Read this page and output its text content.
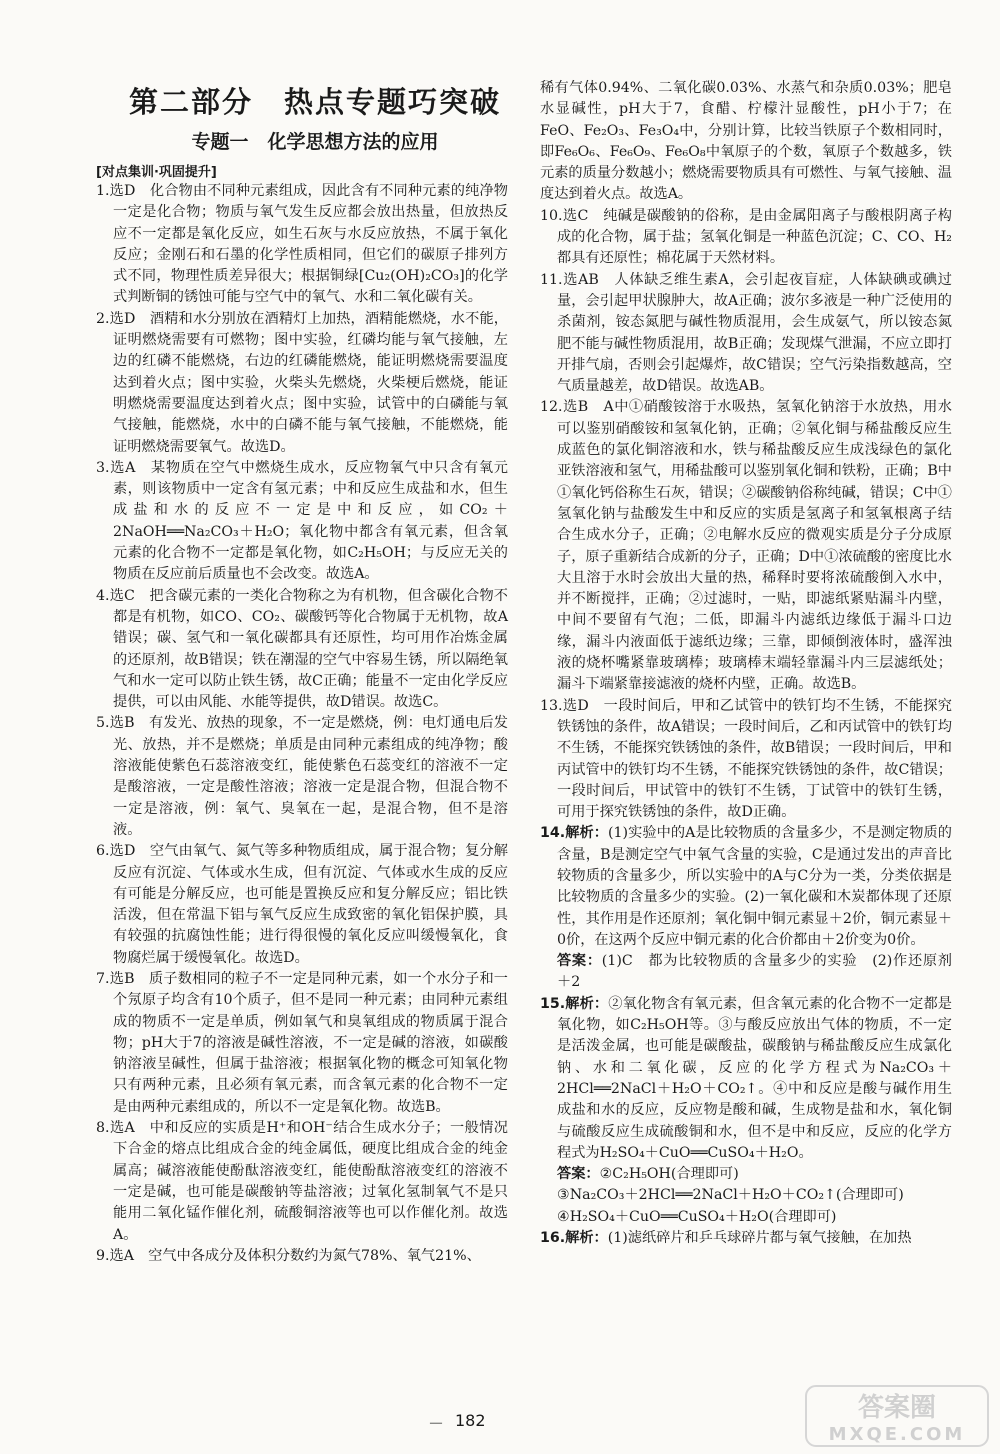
第二部分　热点专题巧突破
专题一　化学思想方法的应用
[对点集训·巩固提升]

1.选D　化合物由不同种元素组成，因此含有不同种元素的纯净物一定是化合物；物质与氧气发生反应都会放出热量，但放热反应不一定都是氧化反应，如生石灰与水反应放热，不属于氧化反应；金刚石和石墨的化学性质相同，但它们的碳原子排列方式不同，物理性质差异很大；根据铜绿[Cu₂(OH)₂CO₃]的化学式判断铜的锈蚀可能与空气中的氧气、水和二氧化碳有关。

2.选D　酒精和水分别放在酒精灯上加热，酒精能燃烧，水不能，证明燃烧需要有可燃物；图中实验，红磷均能与氧气接触，左边的红磷不能燃烧，右边的红磷能燃烧，能证明燃烧需要温度达到着火点；图中实验，火柴头先燃烧，火柴梗后燃烧，能证明燃烧需要温度达到着火点；图中实验，试管中的白磷能与氧气接触，能燃烧，水中的白磷不能与氧气接触，不能燃烧，能证明燃烧需要氧气。故选D。

3.选A　某物质在空气中燃烧生成水，反应物氧气中只含有氧元素，则该物质中一定含有氢元素；中和反应生成盐和水，但生成盐和水的反应不一定是中和反应，如CO₂＋2NaOH══Na₂CO₃＋H₂O；氧化物中都含有氧元素，但含氧元素的化合物不一定都是氧化物，如C₂H₅OH；与反应无关的物质在反应前后质量也不会改变。故选A。

4.选C　把含碳元素的一类化合物称之为有机物，但含碳化合物不都是有机物，如CO、CO₂、碳酸钙等化合物属于无机物，故A错误；碳、氢气和一氧化碳都具有还原性，均可用作冶炼金属的还原剂，故B错误；铁在潮湿的空气中容易生锈，所以隔绝氧气和水一定可以防止铁生锈，故C正确；能量不一定由化学反应提供，可以由风能、水能等提供，故D错误。故选C。

5.选B　有发光、放热的现象，不一定是燃烧，例：电灯通电后发光、放热，并不是燃烧；单质是由同种元素组成的纯净物；酸溶液能使紫色石蕊溶液变红，能使紫色石蕊变红的溶液不一定是酸溶液，一定是酸性溶液；溶液一定是混合物，但混合物不一定是溶液，例：氧气、臭氧在一起，是混合物，但不是溶液。

6.选D　空气由氧气、氮气等多种物质组成，属于混合物；复分解反应有沉淀、气体或水生成，但有沉淀、气体或水生成的反应有可能是分解反应，也可能是置换反应和复分解反应；铝比铁活泼，但在常温下铝与氧气反应生成致密的氧化铝保护膜，具有较强的抗腐蚀性能；进行得很慢的氧化反应叫缓慢氧化，食物腐烂属于缓慢氧化。故选D。

7.选B　质子数相同的粒子不一定是同种元素，如一个水分子和一个氖原子均含有10个质子，但不是同一种元素；由同种元素组成的物质不一定是单质，例如氧气和臭氧组成的物质属于混合物；pH大于7的溶液是碱性溶液，不一定是碱的溶液，如碳酸钠溶液呈碱性，但属于盐溶液；根据氧化物的概念可知氧化物只有两种元素，且必须有氧元素，而含氧元素的化合物不一定是由两种元素组成的，所以不一定是氧化物。故选B。

8.选A　中和反应的实质是H⁺和OH⁻结合生成水分子；一般情况下合金的熔点比组成合金的纯金属低，硬度比组成合金的纯金属高；碱溶液能使酚酞溶液变红，能使酚酞溶液变红的溶液不一定是碱，也可能是碳酸钠等盐溶液；过氧化氢制氧气不是只能用二氧化锰作催化剂，硫酸铜溶液等也可以作催化剂。故选A。

9.选A　空气中各成分及体积分数约为氮气78%、氧气21%、

稀有气体0.94%、二氧化碳0.03%、水蒸气和杂质0.03%；肥皂水显碱性，pH大于7，食醋、柠檬汁显酸性，pH小于7；在FeO、Fe₂O₃、Fe₃O₄中，分别计算，比较当铁原子个数相同时，即Fe₆O₆、Fe₆O₉、Fe₆O₈中氧原子的个数，氧原子个数越多，铁元素的质量分数越小；燃烧需要物质具有可燃性、与氧气接触、温度达到着火点。故选A。

10.选C　纯碱是碳酸钠的俗称，是由金属阳离子与酸根阴离子构成的化合物，属于盐；氢氧化铜是一种蓝色沉淀；C、CO、H₂都具有还原性；棉花属于天然材料。

11.选AB　人体缺乏维生素A，会引起夜盲症，人体缺碘或碘过量，会引起甲状腺肿大，故A正确；波尔多液是一种广泛使用的杀菌剂，铵态氮肥与碱性物质混用，会生成氨气，所以铵态氮肥不能与碱性物质混用，故B正确；发现煤气泄漏，不应立即打开排气扇，否则会引起爆炸，故C错误；空气污染指数越高，空气质量越差，故D错误。故选AB。

12.选B　A中①硝酸铵溶于水吸热，氢氧化钠溶于水放热，用水可以鉴别硝酸铵和氢氧化钠，正确；②氧化铜与稀盐酸反应生成蓝色的氯化铜溶液和水，铁与稀盐酸反应生成浅绿色的氯化亚铁溶液和氢气，用稀盐酸可以鉴别氧化铜和铁粉，正确；B中①氧化钙俗称生石灰，错误；②碳酸钠俗称纯碱，错误；C中①氢氧化钠与盐酸发生中和反应的实质是氢离子和氢氧根离子结合生成水分子，正确；②电解水反应的微观实质是分子分成原子，原子重新结合成新的分子，正确；D中①浓硫酸的密度比水大且溶于水时会放出大量的热，稀释时要将浓硫酸倒入水中，并不断搅拌，正确；②过滤时，一贴，即滤纸紧贴漏斗内壁，中间不要留有气泡；二低，即漏斗内滤纸边缘低于漏斗口边缘，漏斗内液面低于滤纸边缘；三靠，即倾倒液体时，盛浑浊液的烧杯嘴紧靠玻璃棒；玻璃棒末端轻靠漏斗内三层滤纸处；漏斗下端紧靠接滤液的烧杯内壁，正确。故选B。

13.选D　一段时间后，甲和乙试管中的铁钉均不生锈，不能探究铁锈蚀的条件，故A错误；一段时间后，乙和丙试管中的铁钉均不生锈，不能探究铁锈蚀的条件，故B错误；一段时间后，甲和丙试管中的铁钉均不生锈，不能探究铁锈蚀的条件，故C错误；一段时间后，甲试管中的铁钉不生锈，丁试管中的铁钉生锈，可用于探究铁锈蚀的条件，故D正确。

14.解析：(1)实验中的A是比较物质的含量多少，不是测定物质的含量，B是测定空气中氧气含量的实验，C是通过发出的声音比较物质的含量多少，所以实验中的A与C分为一类，分类依据是比较物质的含量多少的实验。(2)一氧化碳和木炭都体现了还原性，其作用是作还原剂；氧化铜中铜元素显＋2价，铜元素显＋0价，在这两个反应中铜元素的化合价都由＋2价变为0价。

答案：(1)C　都为比较物质的含量多少的实验　(2)作还原剂　＋2

15.解析：②氧化物含有氧元素，但含氧元素的化合物不一定都是氧化物，如C₂H₅OH等。③与酸反应放出气体的物质，不一定是活泼金属，也可能是碳酸盐，碳酸钠与稀盐酸反应生成氯化钠、水和二氧化碳，反应的化学方程式为Na₂CO₃＋2HCl══2NaCl＋H₂O＋CO₂↑。④中和反应是酸与碱作用生成盐和水的反应，反应物是酸和碱，生成物是盐和水，氧化铜与硫酸反应生成硫酸铜和水，但不是中和反应，反应的化学方程式为H₂SO₄＋CuO══CuSO₄＋H₂O。

答案：②C₂H₅OH(合理即可)

③Na₂CO₃＋2HCl══2NaCl＋H₂O＋CO₂↑(合理即可)

④H₂SO₄＋CuO══CuSO₄＋H₂O(合理即可)

16.解析：(1)滤纸碎片和乒乓球碎片都与氧气接触，在加热

－ 182	答案圈
MXQE.COM
